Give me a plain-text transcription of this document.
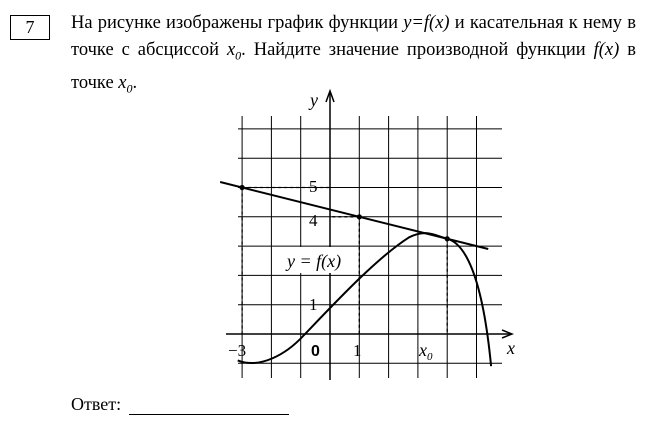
7 На рисунке изображены график функции y=f(x) и касательная к нему в точке с абсциссой $x_0$. Найдите значение производной функции f(x) в точке $x_0$.
y = f(x)
y
x
0
−3	1	$x_0$
5
4
1
Ответ:
